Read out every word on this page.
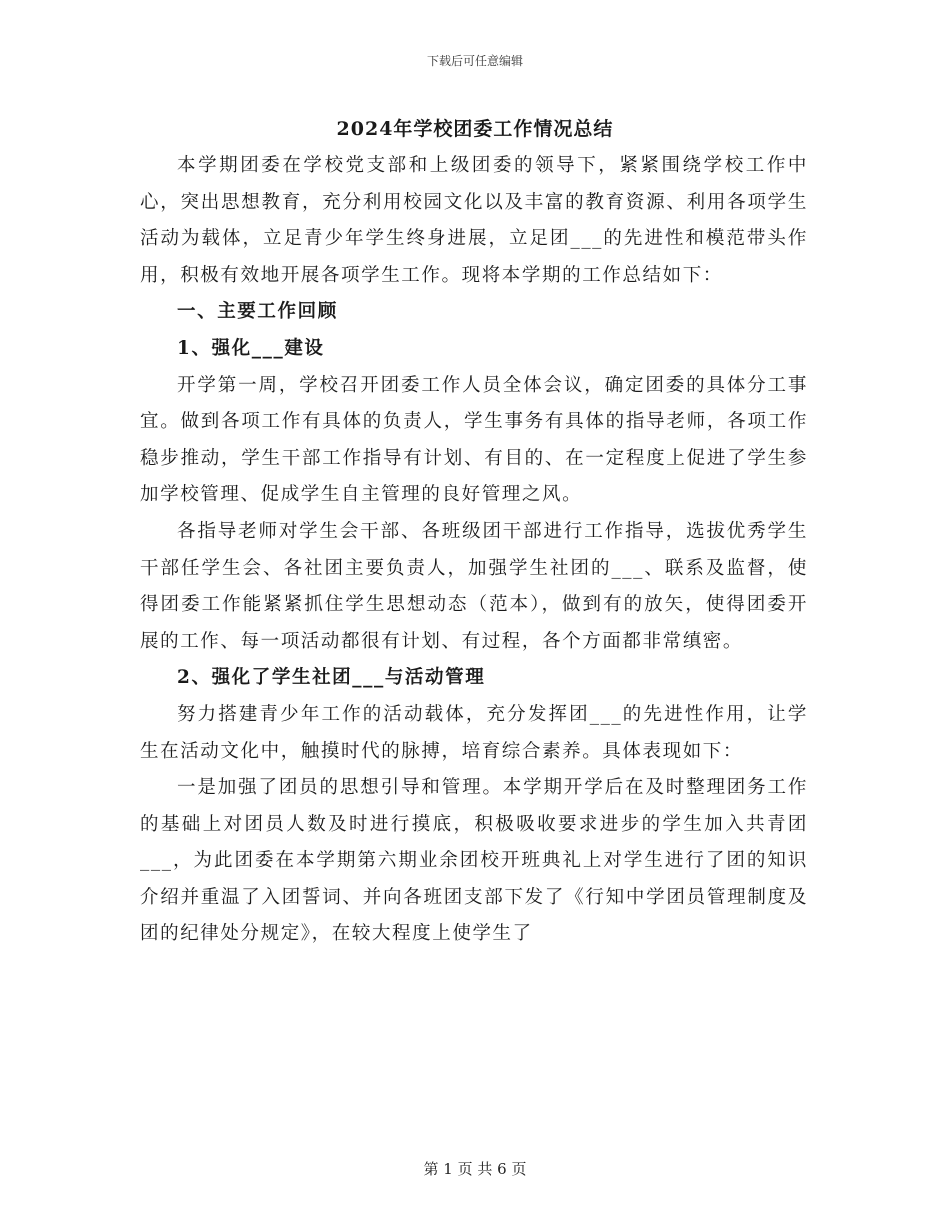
下载后可任意编辑
2024年学校团委工作情况总结

本学期团委在学校党支部和上级团委的领导下，紧紧围绕学校工作中心，突出思想教育，充分利用校园文化以及丰富的教育资源、利用各项学生活动为载体，立足青少年学生终身进展，立足团___的先进性和模范带头作用，积极有效地开展各项学生工作。现将本学期的工作总结如下：

一、主要工作回顾
1、强化___建设

开学第一周，学校召开团委工作人员全体会议，确定团委的具体分工事宜。做到各项工作有具体的负责人，学生事务有具体的指导老师，各项工作稳步推动，学生干部工作指导有计划、有目的、在一定程度上促进了学生参加学校管理、促成学生自主管理的良好管理之风。

各指导老师对学生会干部、各班级团干部进行工作指导，选拔优秀学生干部任学生会、各社团主要负责人，加强学生社团的___、联系及监督，使得团委工作能紧紧抓住学生思想动态（范本），做到有的放矢，使得团委开展的工作、每一项活动都很有计划、有过程，各个方面都非常缜密。

2、强化了学生社团___与活动管理

努力搭建青少年工作的活动载体，充分发挥团___的先进性作用，让学生在活动文化中，触摸时代的脉搏，培育综合素养。具体表现如下：

一是加强了团员的思想引导和管理。本学期开学后在及时整理团务工作的基础上对团员人数及时进行摸底，积极吸收要求进步的学生加入共青团___，为此团委在本学期第六期业余团校开班典礼上对学生进行了团的知识介绍并重温了入团誓词、并向各班团支部下发了《行知中学团员管理制度及团的纪律处分规定》，在较大程度上使学生了

第 1 页 共 6 页
